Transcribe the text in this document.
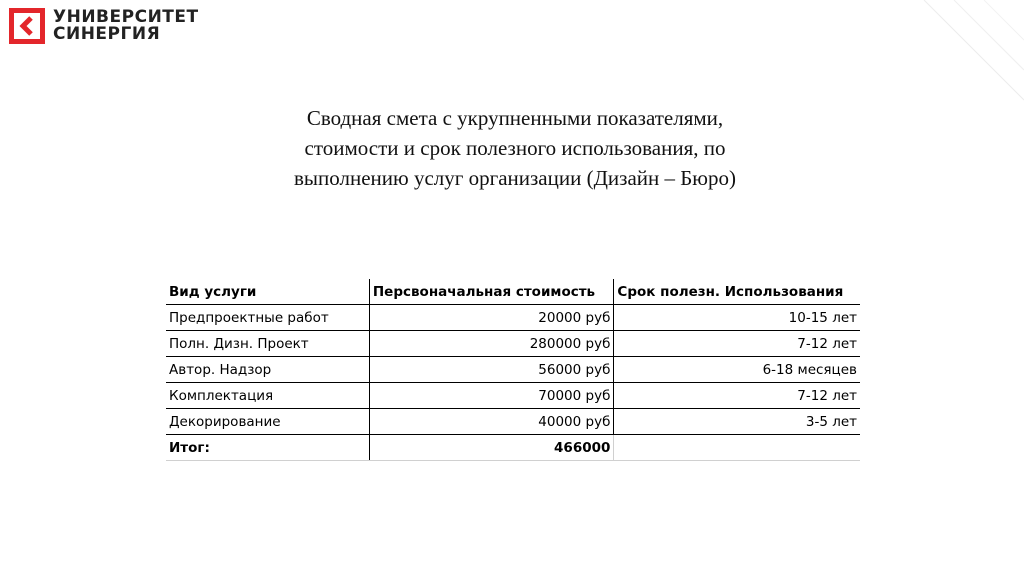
УНИВЕРСИТЕТ
СИНЕРГИЯ
Сводная смета с укрупненными показателями, стоимости и срок полезного использования, по выполнению услуг организации (Дизайн – Бюро)
Вид услуги	Персвоначальная стоимость	Срок полезн. Использования
Предпроектные работ	20000 руб	10-15 лет
Полн. Дизн. Проект	280000 руб	7-12 лет
Автор. Надзор	56000 руб	6-18 месяцев
Комплектация	70000 руб	7-12 лет
Декорирование	40000 руб	3-5 лет
Итог:	466000	
